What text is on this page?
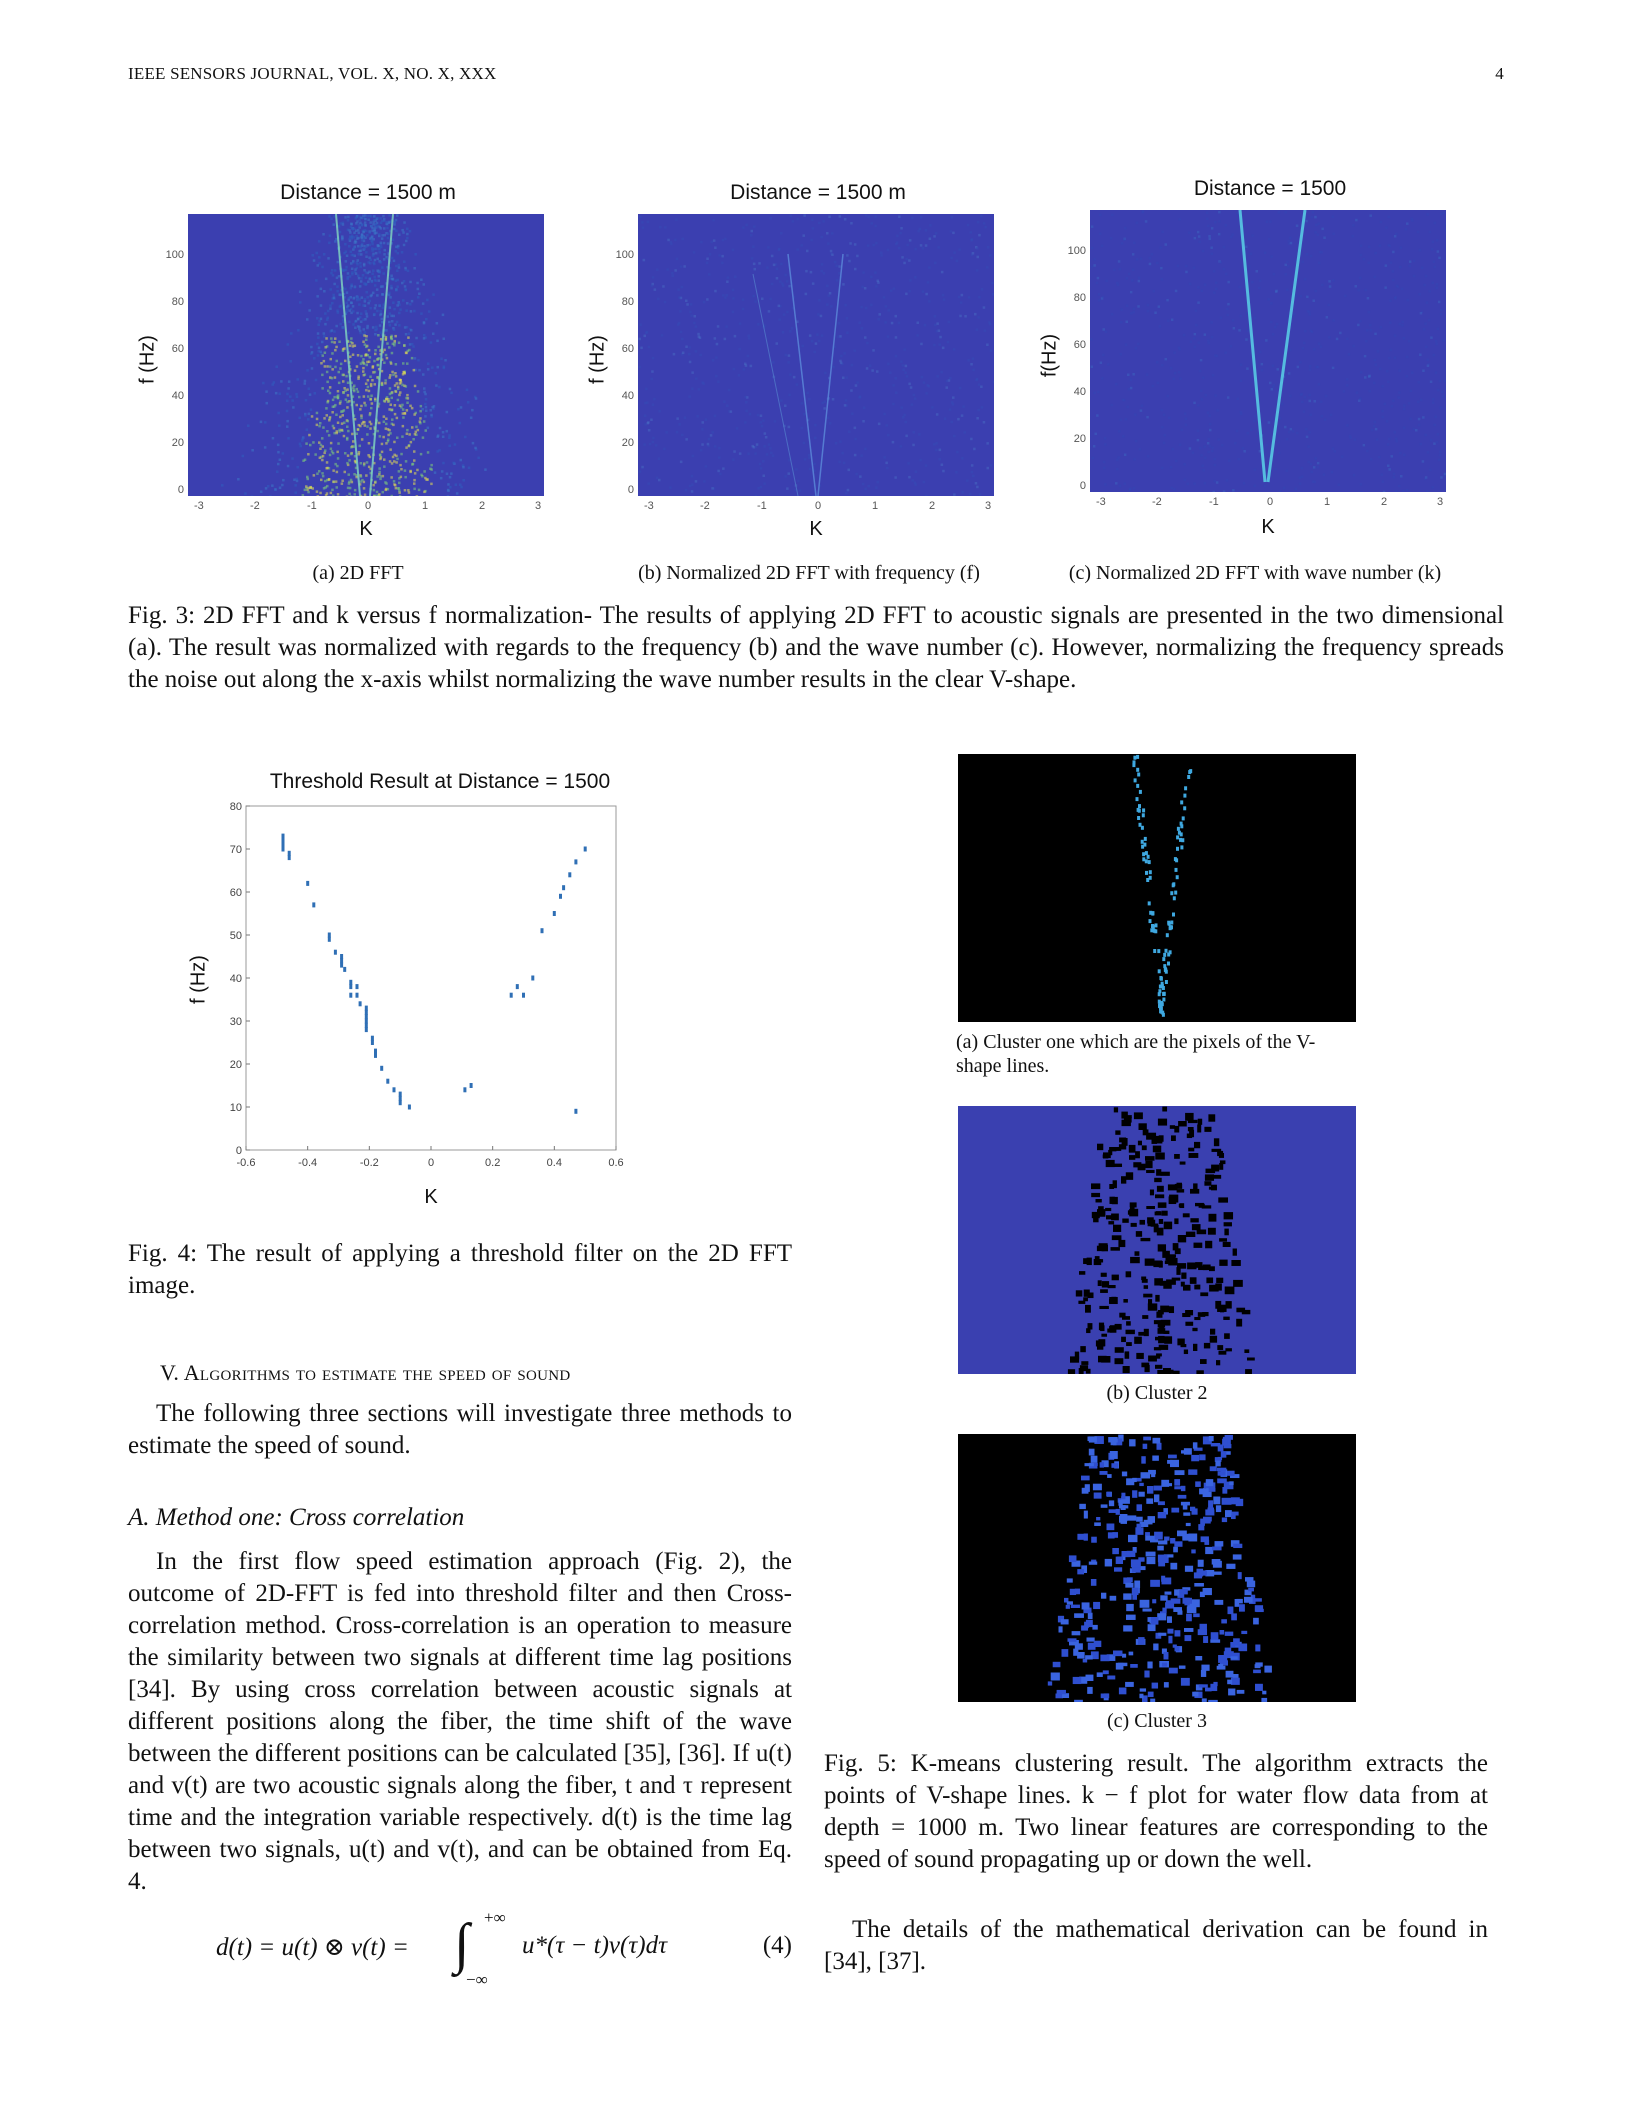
IEEE SENSORS JOURNAL, VOL. X, NO. X, XXX	4
Distance = 1500 m
f (Hz)
0
20
40
60
80
100
-3	-2	-1	0	1	2	3
K
(a) 2D FFT
Distance = 1500 m
f (Hz)
0
20
40
60
80
100
-3	-2	-1	0	1	2	3
K
(b) Normalized 2D FFT with frequency (f)
Distance = 1500
f(Hz)
0
20
40
60
80
100
-3	-2	-1	0	1	2	3
K
(c) Normalized 2D FFT with wave number (k)
Fig. 3: 2D FFT and k versus f normalization- The results of applying 2D FFT to acoustic signals are presented in the two dimensional (a). The result was normalized with regards to the frequency (b) and the wave number (c). However, normalizing the frequency spreads the noise out along the x-axis whilst normalizing the wave number results in the clear V-shape.
Threshold Result at Distance = 1500
f (Hz)
K
-0.6	-0.4	-0.2	0	0.2	0.4	0.6
0
10
20
30
40
50
60
70
80
Fig. 4: The result of applying a threshold filter on the 2D FFT image.
V. Algorithms to estimate the speed of sound
The following three sections will investigate three methods to estimate the speed of sound.
A. Method one: Cross correlation
In the first flow speed estimation approach (Fig. 2), the outcome of 2D-FFT is fed into threshold filter and then Cross-correlation method. Cross-correlation is an operation to measure the similarity between two signals at different time lag positions [34]. By using cross correlation between acoustic signals at different positions along the fiber, the time shift of the wave between the different positions can be calculated [35], [36]. If u(t) and v(t) are two acoustic signals along the fiber, t and τ represent time and the integration variable respectively. d(t) is the time lag between two signals, u(t) and v(t), and can be obtained from Eq. 4.
d(t) = u(t) ⊗ v(t) = ∫ +∞
−∞
u*(τ − t)v(τ)dτ	(4)
(a) Cluster one which are the pixels of the V-shape lines.
(b) Cluster 2
(c) Cluster 3
Fig. 5: K-means clustering result. The algorithm extracts the points of V-shape lines. k − f plot for water flow data from at depth = 1000 m. Two linear features are corresponding to the speed of sound propagating up or down the well.
The details of the mathematical derivation can be found in [34], [37].
